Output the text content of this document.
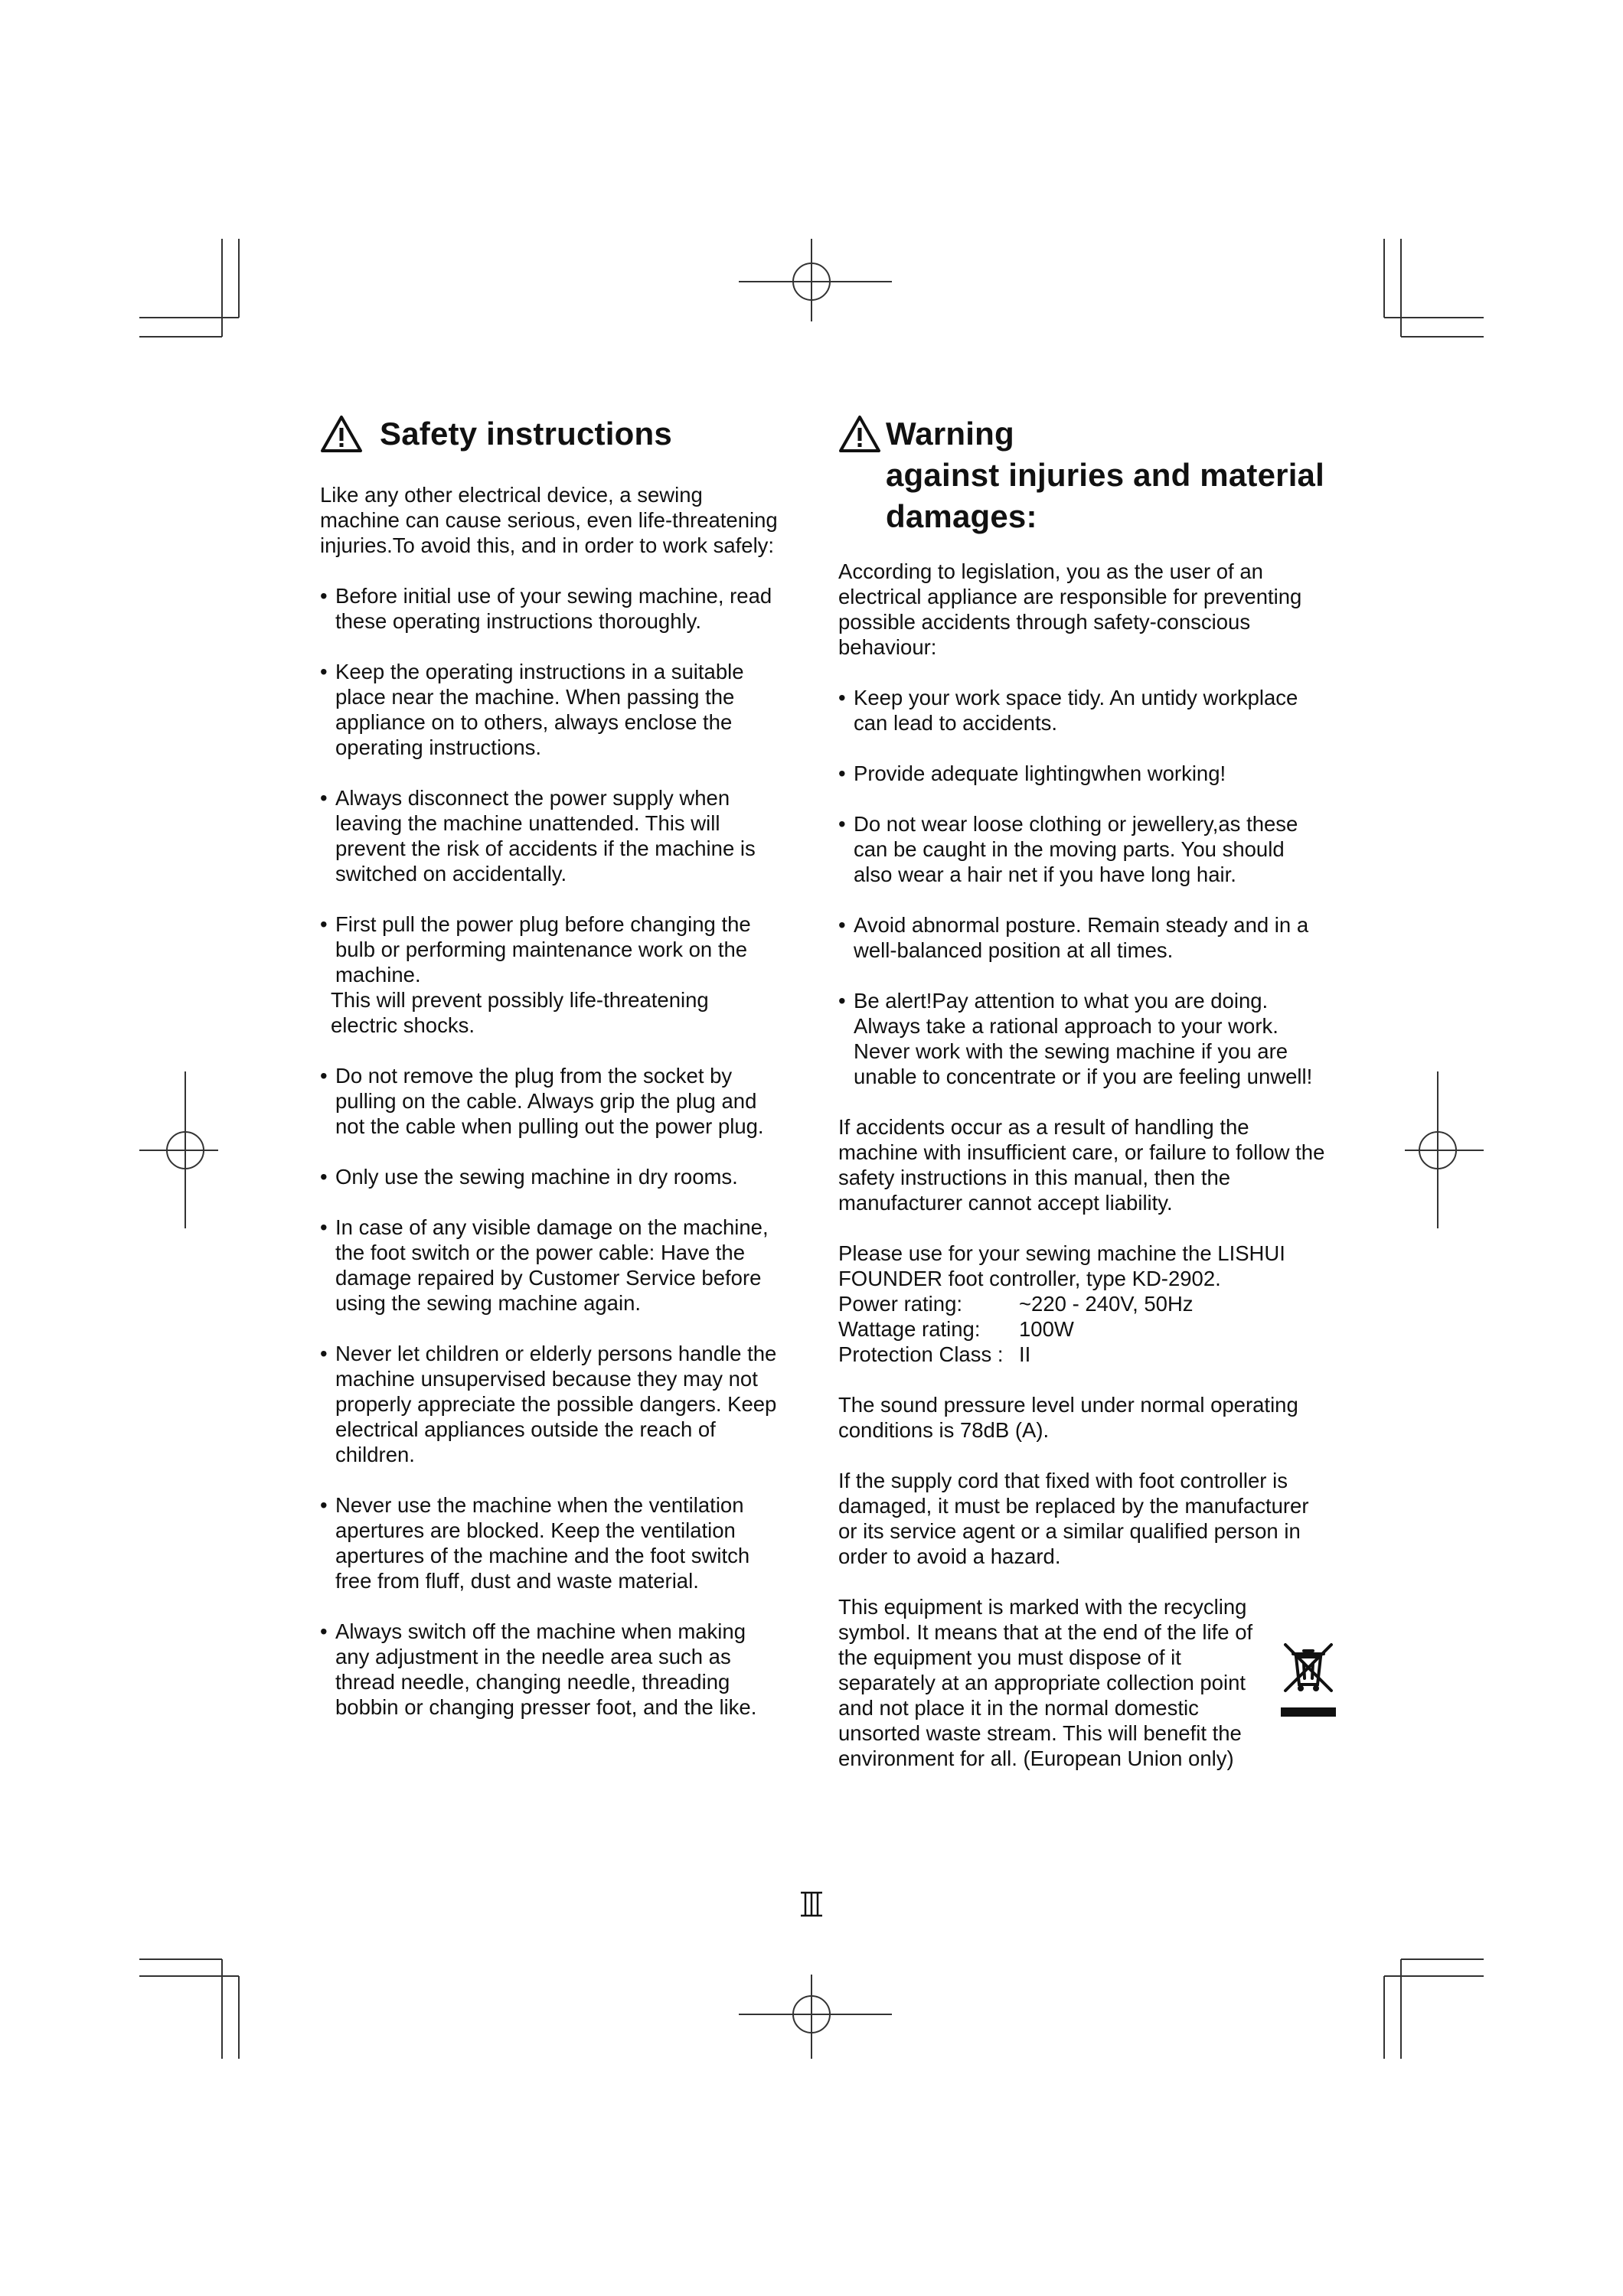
Safety instructions

Like any other electrical device, a sewing machine can cause serious, even life-threatening injuries.To avoid this, and in order to work safely:

• Before initial use of your sewing machine, read these operating instructions thoroughly.
• Keep the operating instructions in a suitable place near the machine. When passing the appliance on to others, always enclose the operating instructions.
• Always disconnect the power supply when leaving the machine unattended. This will prevent the risk of accidents if the machine is switched on accidentally.
• First pull the power plug before changing the bulb or performing maintenance work on the machine.
This will prevent possibly life-threatening electric shocks.
• Do not remove the plug from the socket by pulling on the cable. Always grip the plug and not the cable when pulling out the power plug.
• Only use the sewing machine in dry rooms.
• In case of any visible damage on the machine, the foot switch or the power cable: Have the damage repaired by Customer Service before using the sewing machine again.
• Never let children or elderly persons handle the machine unsupervised because they may not properly appreciate the possible dangers. Keep electrical appliances outside the reach of children.
• Never use the machine when the ventilation apertures are blocked. Keep the ventilation apertures of the machine and the foot switch free from fluff, dust and waste material.
• Always switch off the machine when making any adjustment in the needle area such as thread needle, changing needle, threading bobbin or changing presser foot, and the like.
Warning
against injuries and material damages:

According to legislation, you as the user of an electrical appliance are responsible for preventing possible accidents through safety-conscious behaviour:

• Keep your work space tidy. An untidy workplace can lead to accidents.
• Provide adequate lightingwhen working!
• Do not wear loose clothing or jewellery,as these can be caught in the moving parts. You should also wear a hair net if you have long hair.
• Avoid abnormal posture. Remain steady and in a well-balanced position at all times.
• Be alert!Pay attention to what you are doing. Always take a rational approach to your work. Never work with the sewing machine if you are unable to concentrate or if you are feeling unwell!

If accidents occur as a result of handling the machine with insufficient care, or failure to follow the safety instructions in this manual, then the manufacturer cannot accept liability.

Please use for your sewing machine the LISHUI FOUNDER foot controller, type KD-2902.

Power rating:	~220 - 240V, 50Hz
Wattage rating:	100W
Protection Class : II

The sound pressure level under normal operating conditions is 78dB (A).

If the supply cord that fixed with foot controller is damaged, it must be replaced by the manufacturer or its service agent or a similar qualified person in order to avoid a hazard.

This equipment is marked with the recycling symbol. It means that at the end of the life of the equipment you must dispose of it separately at an appropriate collection point and not place it in the normal domestic unsorted waste stream. This will benefit the environment for all. (European Union only)

III
